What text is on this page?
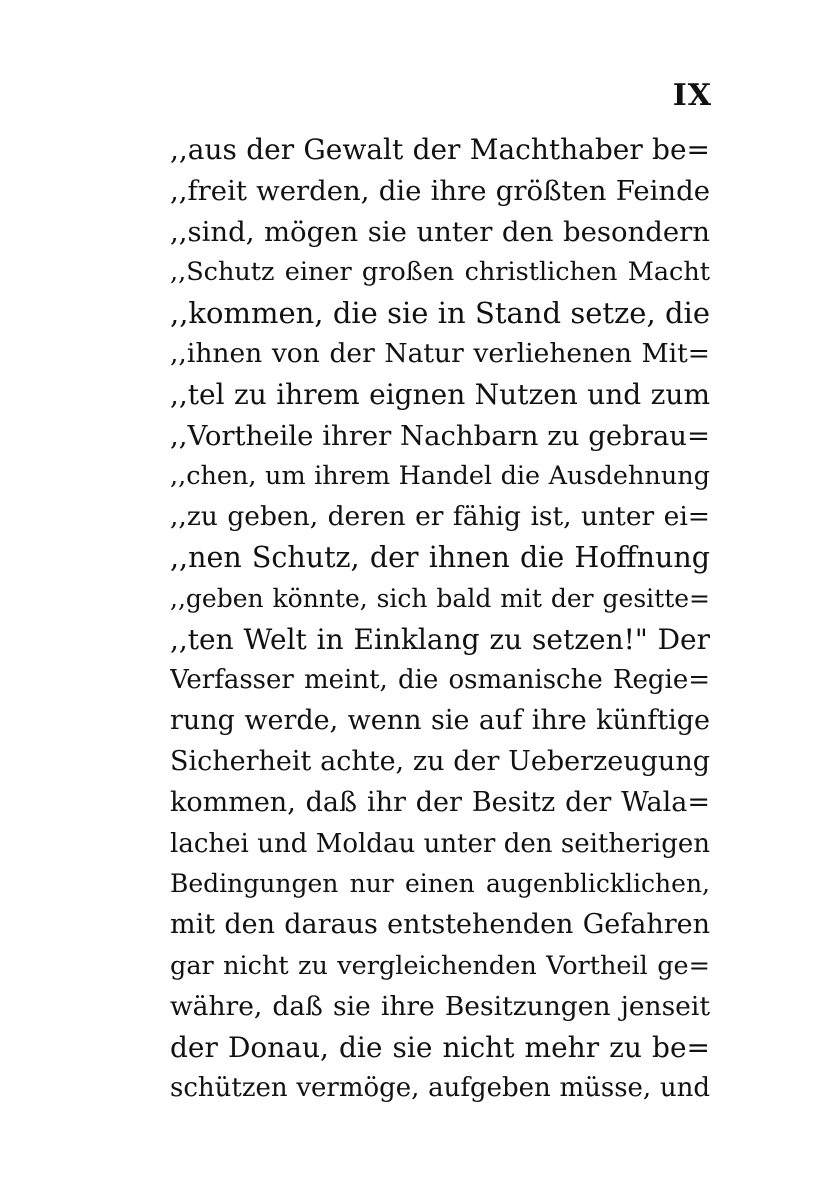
IX
,,aus der Gewalt der Machthaber be=
,,freit werden, die ihre größten Feinde
,,sind, mögen sie unter den besondern
,,Schutz einer großen christlichen Macht
,,kommen, die sie in Stand setze, die
,,ihnen von der Natur verliehenen Mit=
,,tel zu ihrem eignen Nutzen und zum
,,Vortheile ihrer Nachbarn zu gebrau=
,,chen, um ihrem Handel die Ausdehnung
,,zu geben, deren er fähig ist, unter ei=
,,nen Schutz, der ihnen die Hoffnung
,,geben könnte, sich bald mit der gesitte=
,,ten Welt in Einklang zu setzen!" Der
Verfasser meint, die osmanische Regie=
rung werde, wenn sie auf ihre künftige
Sicherheit achte, zu der Ueberzeugung
kommen, daß ihr der Besitz der Wala=
lachei und Moldau unter den seitherigen
Bedingungen nur einen augenblicklichen,
mit den daraus entstehenden Gefahren
gar nicht zu vergleichenden Vortheil ge=
währe, daß sie ihre Besitzungen jenseit
der Donau, die sie nicht mehr zu be=
schützen vermöge, aufgeben müsse, und
